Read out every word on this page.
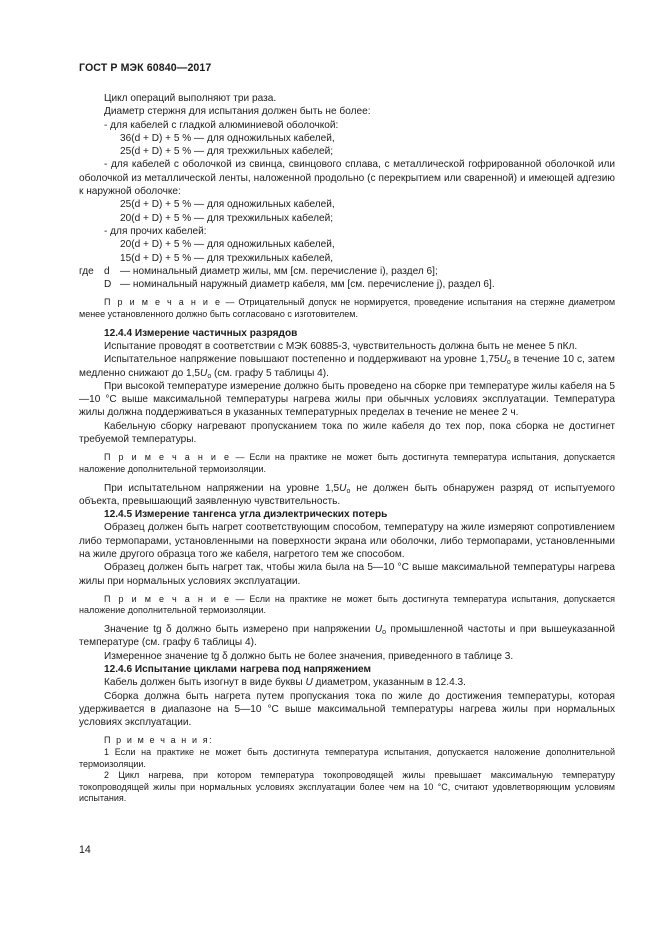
ГОСТ Р МЭК 60840—2017

Цикл операций выполняют три раза.

Диаметр стержня для испытания должен быть не более:

- для кабелей с гладкой алюминиевой оболочкой:

36(d + D) + 5 % — для одножильных кабелей,

25(d + D) + 5 % — для трехжильных кабелей;

- для кабелей с оболочкой из свинца, свинцового сплава, с металлической гофрированной оболочкой или оболочкой из металлической ленты, наложенной продольно (с перекрытием или сваренной) и имеющей адгезию к наружной оболочке:

25(d + D) + 5 % — для одножильных кабелей,

20(d + D) + 5 % — для трехжильных кабелей;

- для прочих кабелей:

20(d + D) + 5 % — для одножильных кабелей,

15(d + D) + 5 % — для трехжильных кабелей,

где	d	— номинальный диаметр жилы, мм [см. перечисление i), раздел 6];
D — номинальный наружный диаметр кабеля, мм [см. перечисление j), раздел 6].

П р и м е ч а н и е — Отрицательный допуск не нормируется, проведение испытания на стержне диаметром менее установленного должно быть согласовано с изготовителем.

12.4.4 Измерение частичных разрядов

Испытание проводят в соответствии с МЭК 60885-3, чувствительность должна быть не менее 5 пКл.

Испытательное напряжение повышают постепенно и поддерживают на уровне $1,75U_o$ в течение 10 с, затем медленно снижают до $1,5U_o$ (см. графу 5 таблицы 4).

При высокой температуре измерение должно быть проведено на сборке при температуре жилы кабеля на 5—10 °С выше максимальной температуры нагрева жилы при обычных условиях эксплуатации. Температура жилы должна поддерживаться в указанных температурных пределах в течение не менее 2 ч.

Кабельную сборку нагревают пропусканием тока по жиле кабеля до тех пор, пока сборка не достигнет требуемой температуры.

П р и м е ч а н и е — Если на практике не может быть достигнута температура испытания, допускается наложение дополнительной термоизоляции.

При испытательном напряжении на уровне $1,5U_o$ не должен быть обнаружен разряд от испытуемого объекта, превышающий заявленную чувствительность.

12.4.5 Измерение тангенса угла диэлектрических потерь

Образец должен быть нагрет соответствующим способом, температуру на жиле измеряют сопротивлением либо термопарами, установленными на поверхности экрана или оболочки, либо термопарами, установленными на жиле другого образца того же кабеля, нагретого тем же способом.

Образец должен быть нагрет так, чтобы жила была на 5—10 °С выше максимальной температуры нагрева жилы при нормальных условиях эксплуатации.

П р и м е ч а н и е — Если на практике не может быть достигнута температура испытания, допускается наложение дополнительной термоизоляции.

Значение tg δ должно быть измерено при напряжении $U_o$ промышленной частоты и при вышеуказанной температуре (см. графу 6 таблицы 4).

Измеренное значение tg δ должно быть не более значения, приведенного в таблице 3.

12.4.6 Испытание циклами нагрева под напряжением

Кабель должен быть изогнут в виде буквы U диаметром, указанным в 12.4.3.

Сборка должна быть нагрета путем пропускания тока по жиле до достижения температуры, которая удерживается в диапазоне на 5—10 °С выше максимальной температуры нагрева жилы при нормальных условиях эксплуатации.

П р и м е ч а н и я:

1 Если на практике не может быть достигнута температура испытания, допускается наложение дополнительной термоизоляции.

2 Цикл нагрева, при котором температура токопроводящей жилы превышает максимальную температуру токопроводящей жилы при нормальных условиях эксплуатации более чем на 10 °С, считают удовлетворяющим условиям испытания.

14
